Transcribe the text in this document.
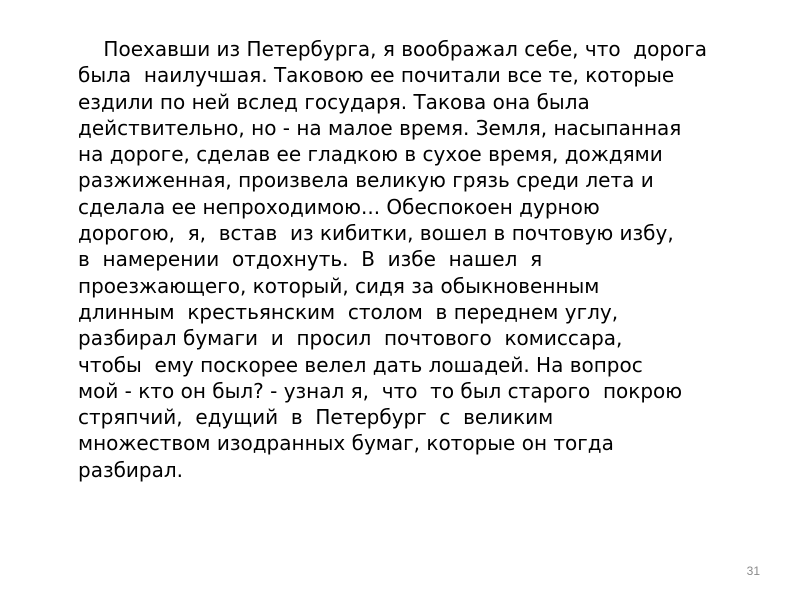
Поехавши из Петербурга, я воображал себе, что  дорога
была  наилучшая. Таковою ее почитали все те, которые
ездили по ней вслед государя. Такова она была
действительно, но - на малое время. Земля, насыпанная
на дороге, сделав ее гладкою в сухое время, дождями
разжиженная, произвела великую грязь среди лета и
сделала ее непроходимою... Обеспокоен дурною
дорогою,  я,  встав  из кибитки, вошел в почтовую избу,
в  намерении  отдохнуть.  В  избе  нашел  я
проезжающего, который, сидя за обыкновенным
длинным  крестьянским  столом  в переднем углу,
разбирал бумаги  и  просил  почтового  комиссара,
чтобы  ему поскорее велел дать лошадей. На вопрос
мой - кто он был? - узнал я,  что  то был старого  покрою
стряпчий,  едущий  в  Петербург  с  великим
множеством изодранных бумаг, которые он тогда
разбирал.

31
